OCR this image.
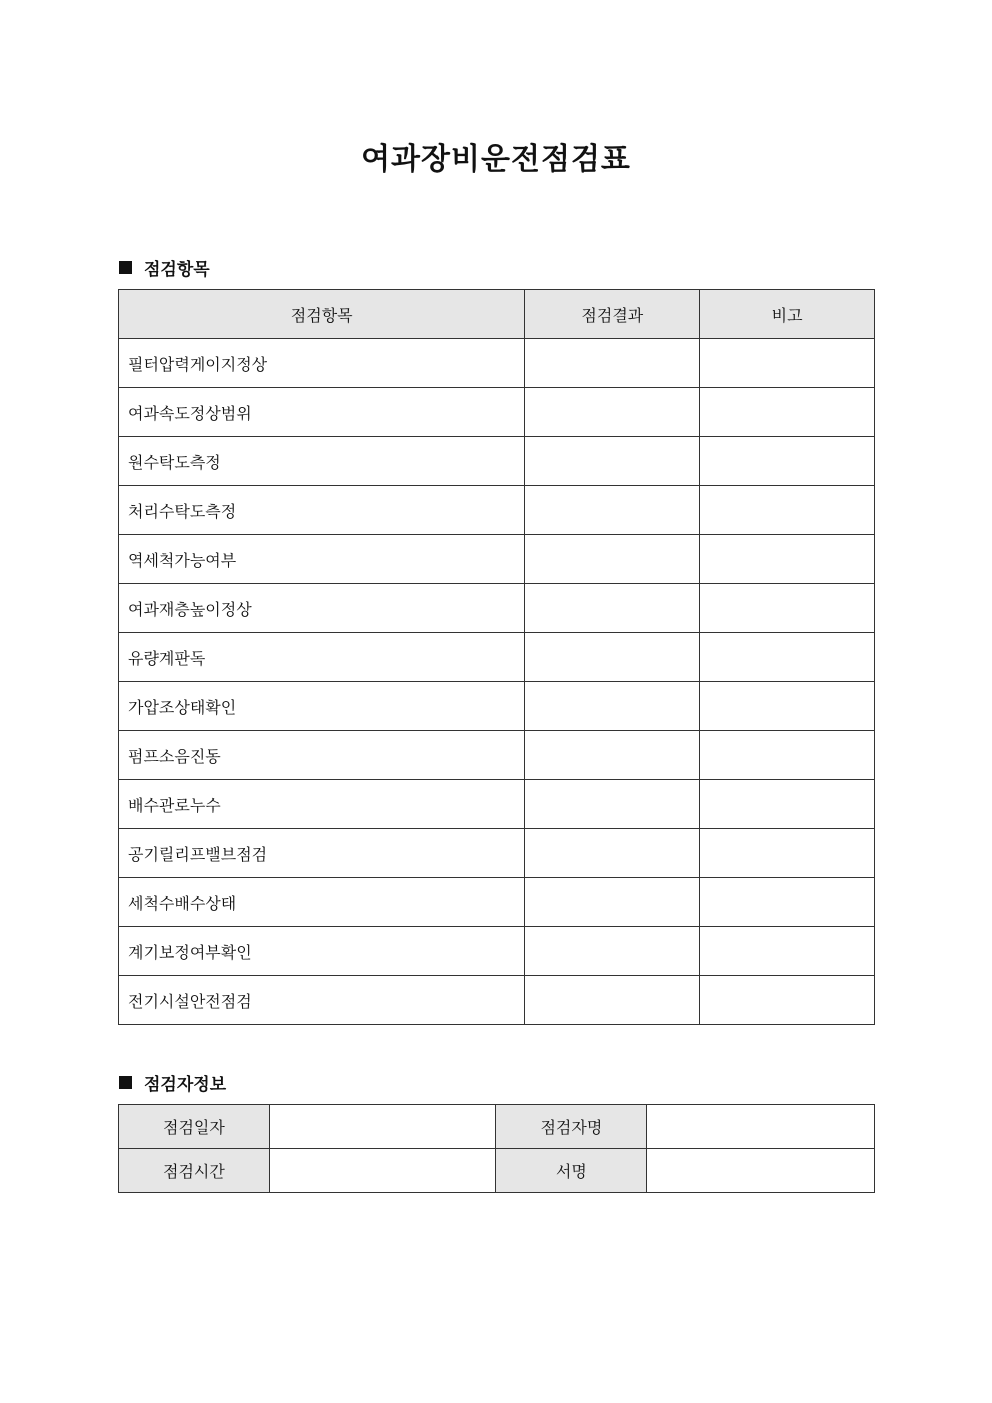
여과장비운전점검표
점검항목
점검항목	점검결과	비고
필터압력게이지정상		
여과속도정상범위		
원수탁도측정		
처리수탁도측정		
역세척가능여부		
여과재층높이정상		
유량계판독		
가압조상태확인		
펌프소음진동		
배수관로누수		
공기릴리프밸브점검		
세척수배수상태		
계기보정여부확인		
전기시설안전점검		
점검자정보
점검일자		점검자명	
점검시간		서명	
